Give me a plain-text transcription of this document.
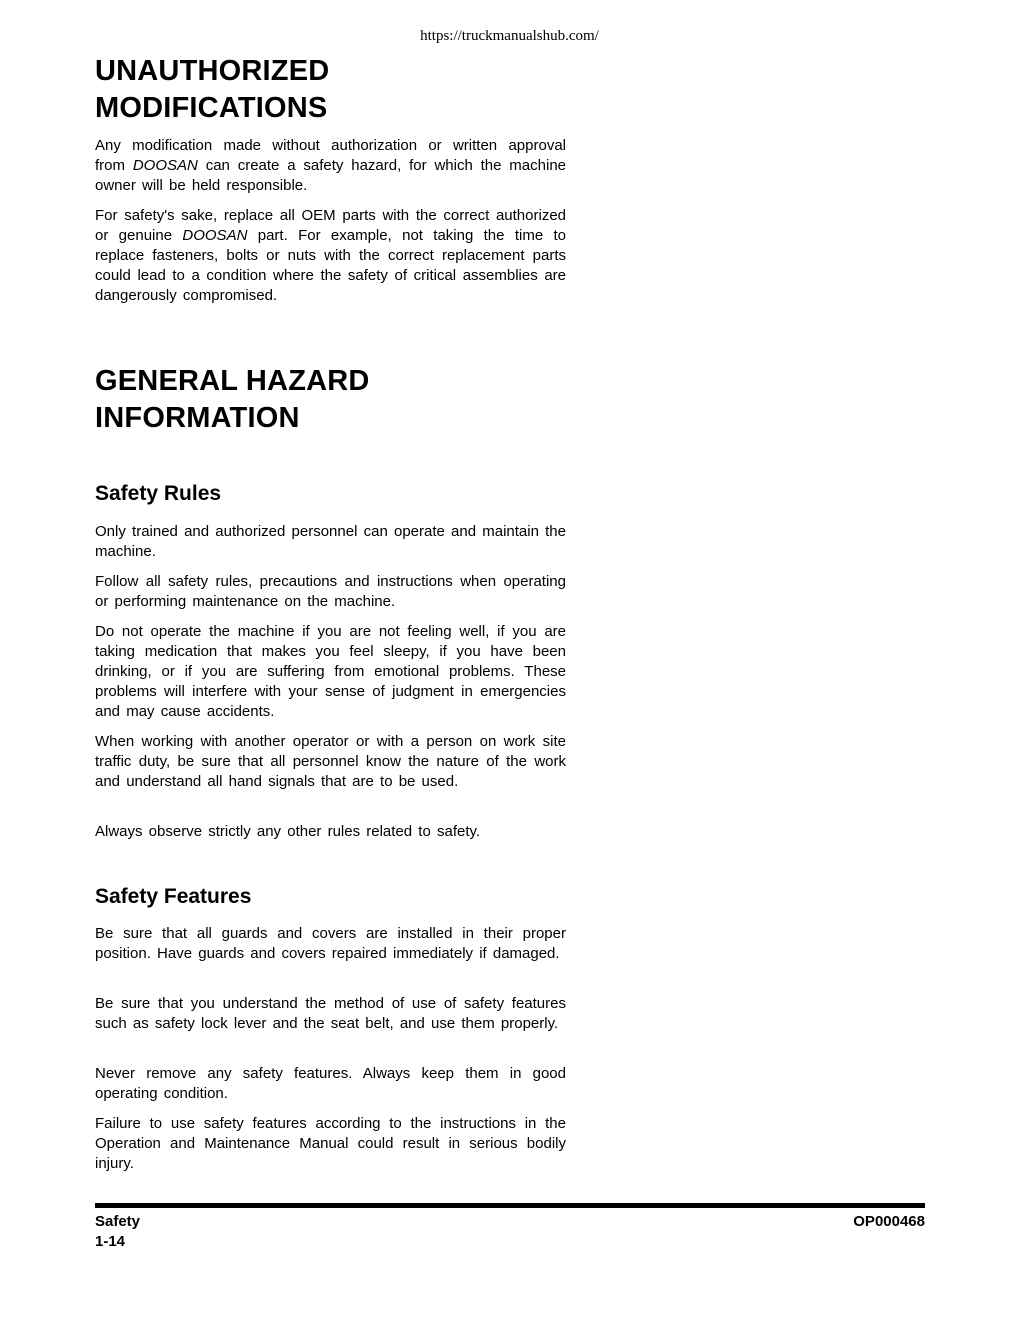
https://truckmanualshub.com/
UNAUTHORIZED
MODIFICATIONS

Any modification made without authorization or written approval from DOOSAN can create a safety hazard, for which the machine owner will be held responsible.

For safety's sake, replace all OEM parts with the correct authorized or genuine DOOSAN part. For example, not taking the time to replace fasteners, bolts or nuts with the correct replacement parts could lead to a condition where the safety of critical assemblies are dangerously compromised.

GENERAL HAZARD
INFORMATION
Safety Rules

Only trained and authorized personnel can operate and maintain the machine.

Follow all safety rules, precautions and instructions when operating or performing maintenance on the machine.

Do not operate the machine if you are not feeling well, if you are taking medication that makes you feel sleepy, if you have been drinking, or if you are suffering from emotional problems. These problems will interfere with your sense of judgment in emergencies and may cause accidents.

When working with another operator or with a person on work site traffic duty, be sure that all personnel know the nature of the work and understand all hand signals that are to be used.

Always observe strictly any other rules related to safety.

Safety Features

Be sure that all guards and covers are installed in their proper position. Have guards and covers repaired immediately if damaged.

Be sure that you understand the method of use of safety features such as safety lock lever and the seat belt, and use them properly.

Never remove any safety features. Always keep them in good operating condition.

Failure to use safety features according to the instructions in the Operation and Maintenance Manual could result in serious bodily injury.

Safety
1-14
OP000468
